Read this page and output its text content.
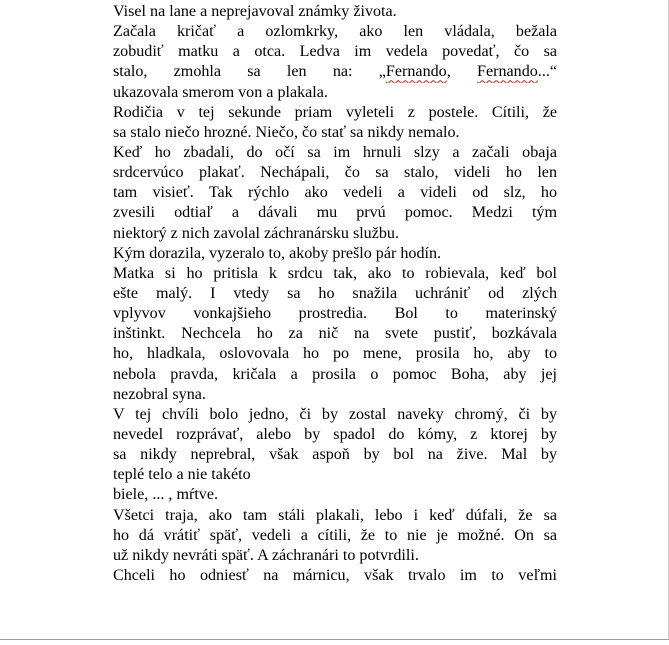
Visel na lane a neprejavoval známky života.
Začala kričať a ozlomkrky, ako len vládala, bežala
zobudiť matku a otca. Ledva im vedela povedať, čo sa
stalo, zmohla sa len na: „Fernando, Fernando...“
ukazovala smerom von a plakala.
Rodičia v tej sekunde priam vyleteli z postele. Cítili, že
sa stalo niečo hrozné. Niečo, čo stať sa nikdy nemalo.
Keď ho zbadali, do očí sa im hrnuli slzy a začali obaja
srdcervúco plakať. Nechápali, čo sa stalo, videli ho len
tam visieť. Tak rýchlo ako vedeli a videli od slz, ho
zvesili odtiaľ a dávali mu prvú pomoc. Medzi tým
niektorý z nich zavolal záchranársku službu.
Kým dorazila, vyzeralo to, akoby prešlo pár hodín.
Matka si ho pritisla k srdcu tak, ako to robievala, keď bol
ešte malý. I vtedy sa ho snažila uchrániť od zlých
vplyvov vonkajšieho prostredia. Bol to materinský
inštinkt. Nechcela ho za nič na svete pustiť, bozkávala
ho, hladkala, oslovovala ho po mene, prosila ho, aby to
nebola pravda, kričala a prosila o pomoc Boha, aby jej
nezobral syna.
V tej chvíli bolo jedno, či by zostal naveky chromý, či by
nevedel rozprávať, alebo by spadol do kómy, z ktorej by
sa nikdy neprebral, však aspoň by bol na žive. Mal by
teplé telo a nie takéto
biele, ... , mŕtve.
Všetci traja, ako tam stáli plakali, lebo i keď dúfali, že sa
ho dá vrátiť späť, vedeli a cítili, že to nie je možné. On sa
už nikdy nevráti späť. A záchranári to potvrdili.
Chceli ho odniesť na márnicu, však trvalo im to veľmi
